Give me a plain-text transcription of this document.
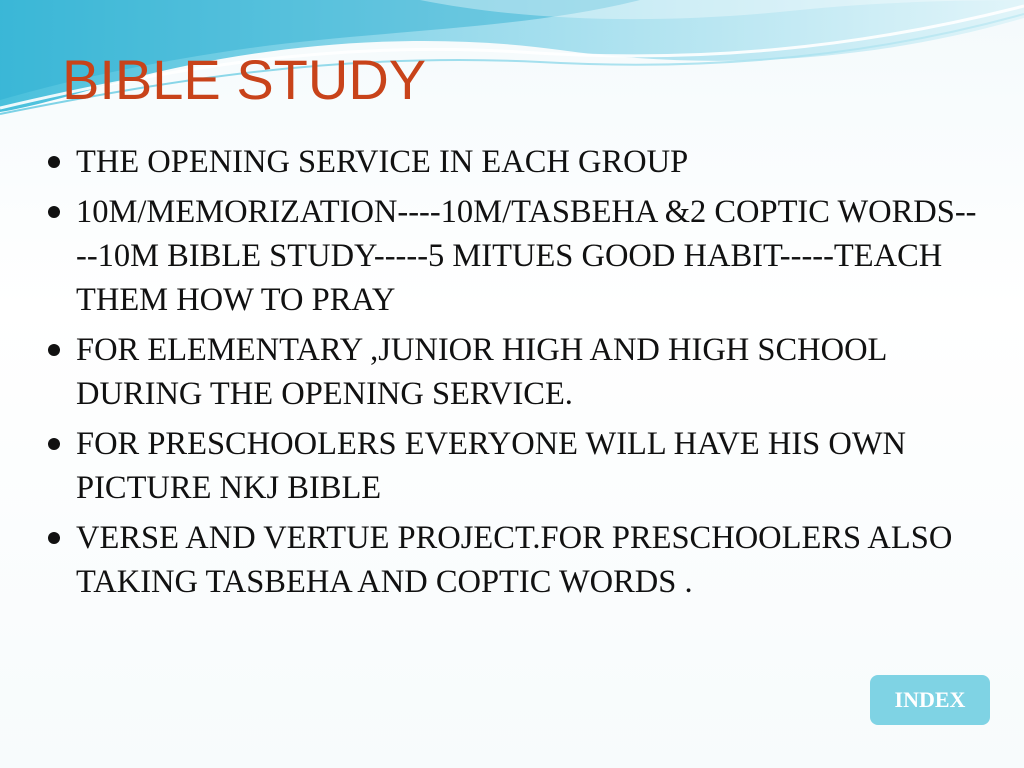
BIBLE STUDY
THE OPENING SERVICE IN EACH GROUP
10M/MEMORIZATION----10M/TASBEHA &2 COPTIC WORDS----10M BIBLE STUDY-----5 MITUES GOOD HABIT-----TEACH THEM HOW TO PRAY
FOR ELEMENTARY ,JUNIOR HIGH AND HIGH SCHOOL DURING THE OPENING SERVICE.
FOR PRESCHOOLERS EVERYONE WILL HAVE HIS OWN PICTURE NKJ BIBLE
VERSE AND VERTUE PROJECT.FOR PRESCHOOLERS ALSO TAKING TASBEHA AND COPTIC WORDS .
INDEX
